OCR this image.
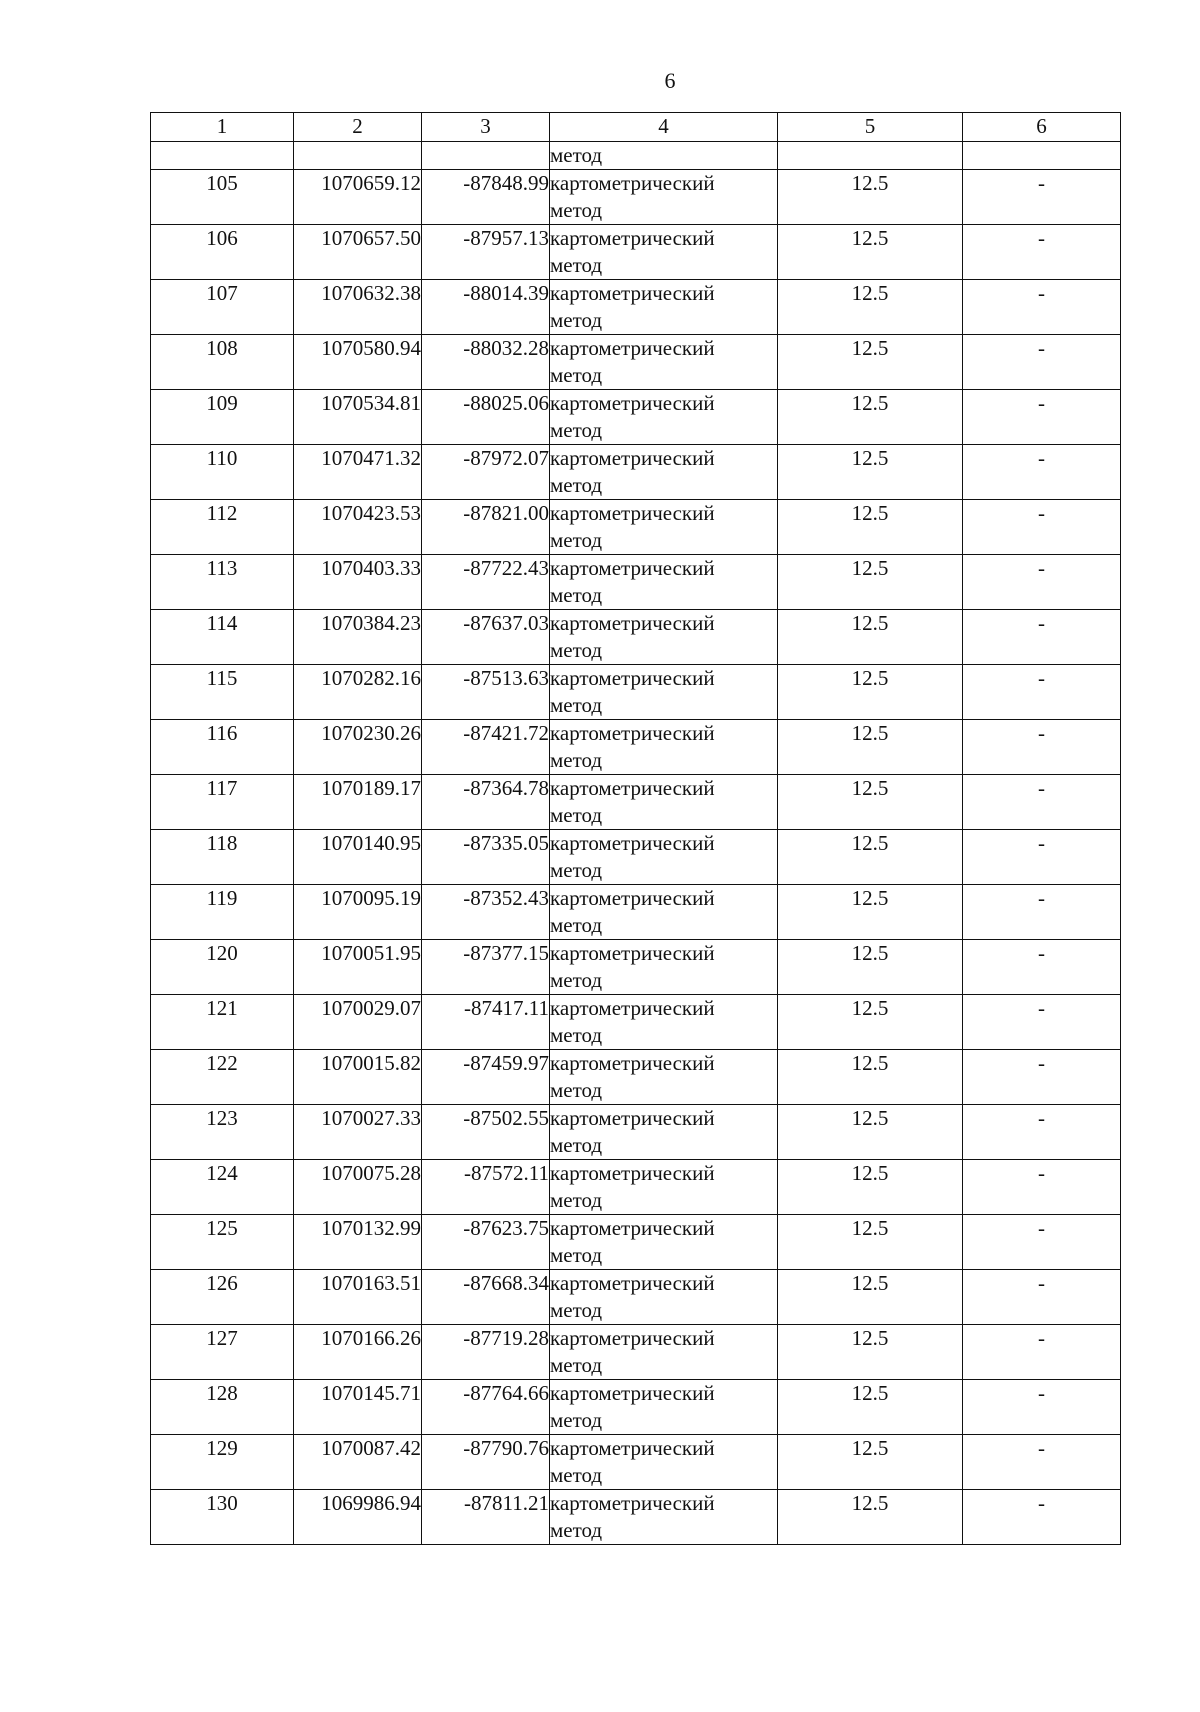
6
1	2	3	4	5	6
			метод		
105	1070659.12	-87848.99	картометрический
метод	12.5	-
106	1070657.50	-87957.13	картометрический
метод	12.5	-
107	1070632.38	-88014.39	картометрический
метод	12.5	-
108	1070580.94	-88032.28	картометрический
метод	12.5	-
109	1070534.81	-88025.06	картометрический
метод	12.5	-
110	1070471.32	-87972.07	картометрический
метод	12.5	-
112	1070423.53	-87821.00	картометрический
метод	12.5	-
113	1070403.33	-87722.43	картометрический
метод	12.5	-
114	1070384.23	-87637.03	картометрический
метод	12.5	-
115	1070282.16	-87513.63	картометрический
метод	12.5	-
116	1070230.26	-87421.72	картометрический
метод	12.5	-
117	1070189.17	-87364.78	картометрический
метод	12.5	-
118	1070140.95	-87335.05	картометрический
метод	12.5	-
119	1070095.19	-87352.43	картометрический
метод	12.5	-
120	1070051.95	-87377.15	картометрический
метод	12.5	-
121	1070029.07	-87417.11	картометрический
метод	12.5	-
122	1070015.82	-87459.97	картометрический
метод	12.5	-
123	1070027.33	-87502.55	картометрический
метод	12.5	-
124	1070075.28	-87572.11	картометрический
метод	12.5	-
125	1070132.99	-87623.75	картометрический
метод	12.5	-
126	1070163.51	-87668.34	картометрический
метод	12.5	-
127	1070166.26	-87719.28	картометрический
метод	12.5	-
128	1070145.71	-87764.66	картометрический
метод	12.5	-
129	1070087.42	-87790.76	картометрический
метод	12.5	-
130	1069986.94	-87811.21	картометрический
метод	12.5	-
